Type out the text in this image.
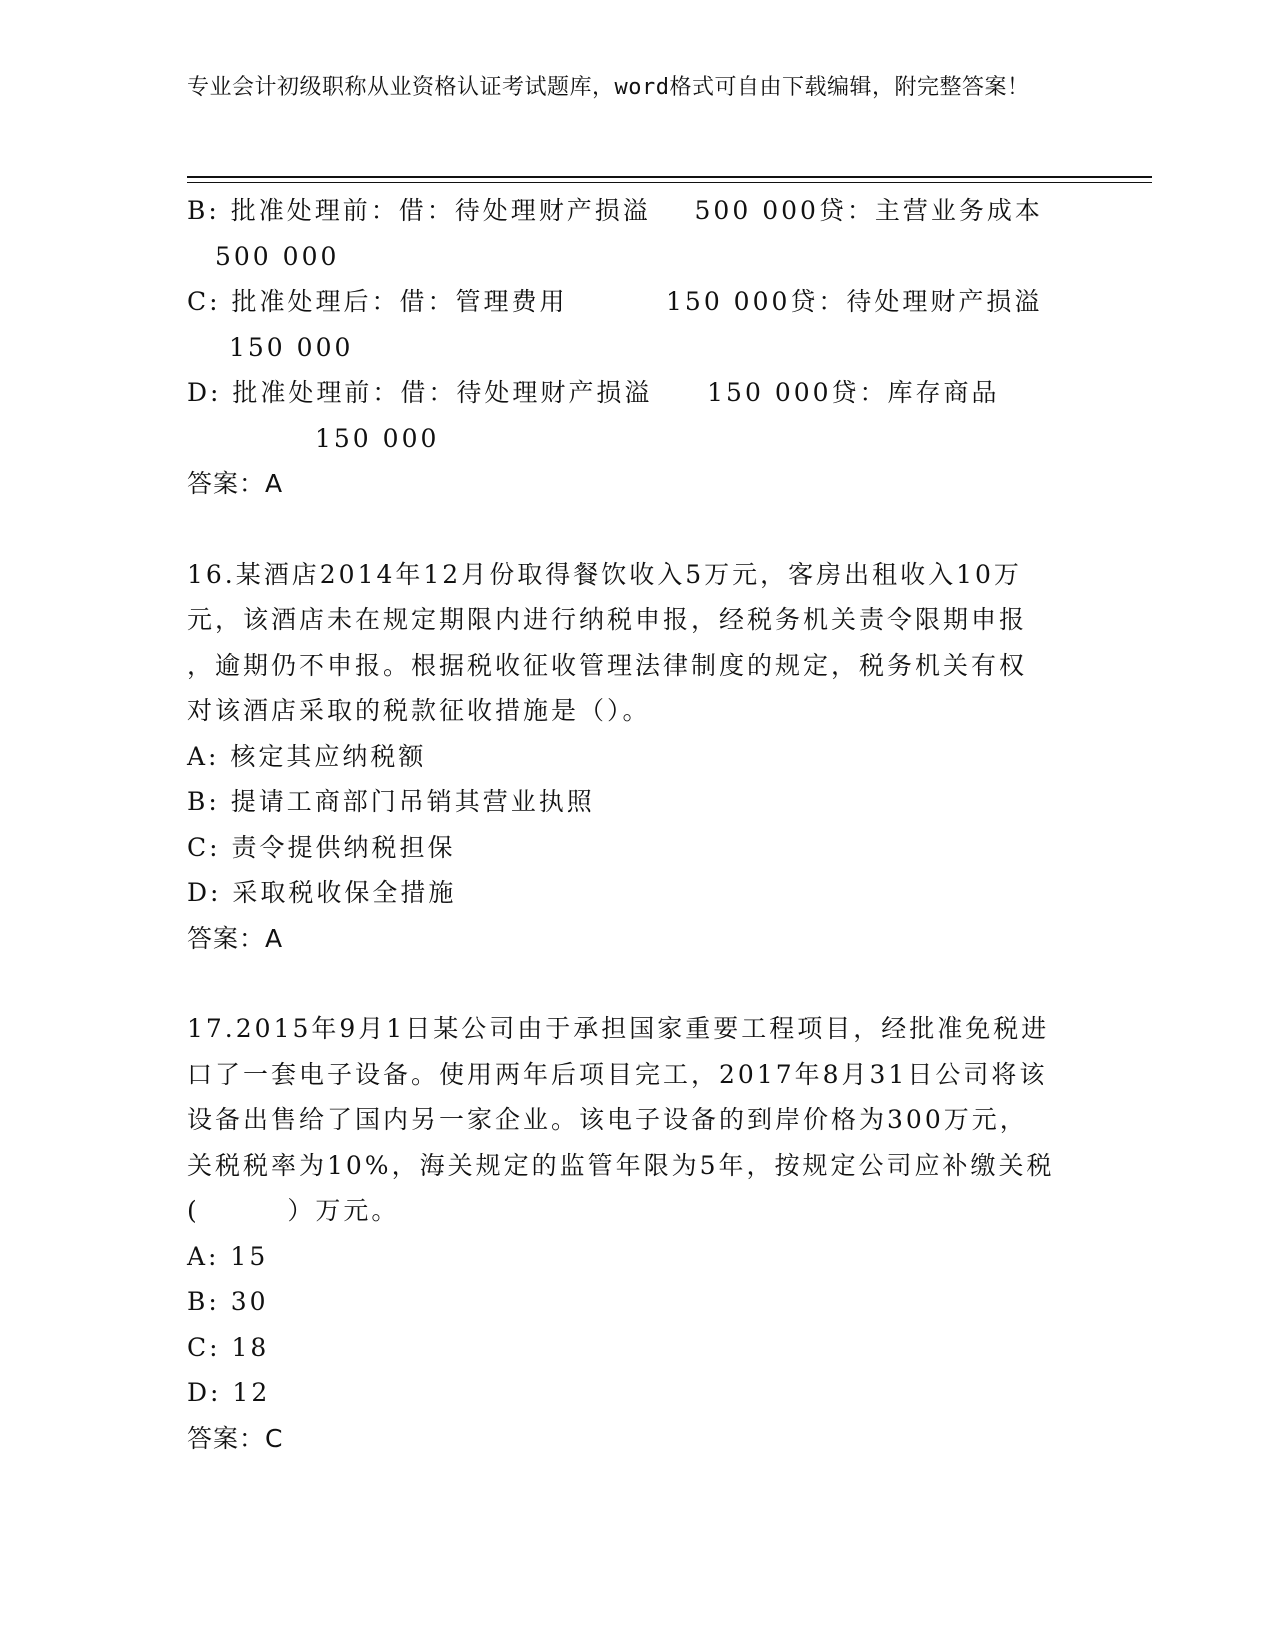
专业会计初级职称从业资格认证考试题库，word格式可自由下载编辑，附完整答案！

B: 批准处理前：借：待处理财产损溢    500 000贷：主营业务成本

500 000

C: 批准处理后：借：管理费用         150 000贷：待处理财产损溢

150 000

D: 批准处理前：借：待处理财产损溢     150 000贷：库存商品

150 000

答案：A

16.某酒店2014年12月份取得餐饮收入5万元，客房出租收入10万

元，该酒店未在规定期限内进行纳税申报，经税务机关责令限期申报

，逾期仍不申报。根据税收征收管理法律制度的规定，税务机关有权

对该酒店采取的税款征收措施是（）。

A: 核定其应纳税额

B: 提请工商部门吊销其营业执照

C: 责令提供纳税担保

D: 采取税收保全措施

答案：A

17.2015年9月1日某公司由于承担国家重要工程项目，经批准免税进

口了一套电子设备。使用两年后项目完工，2017年8月31日公司将该

设备出售给了国内另一家企业。该电子设备的到岸价格为300万元，

关税税率为10%，海关规定的监管年限为5年，按规定公司应补缴关税

(        ）万元。

A: 15

B: 30

C: 18

D: 12

答案：C
